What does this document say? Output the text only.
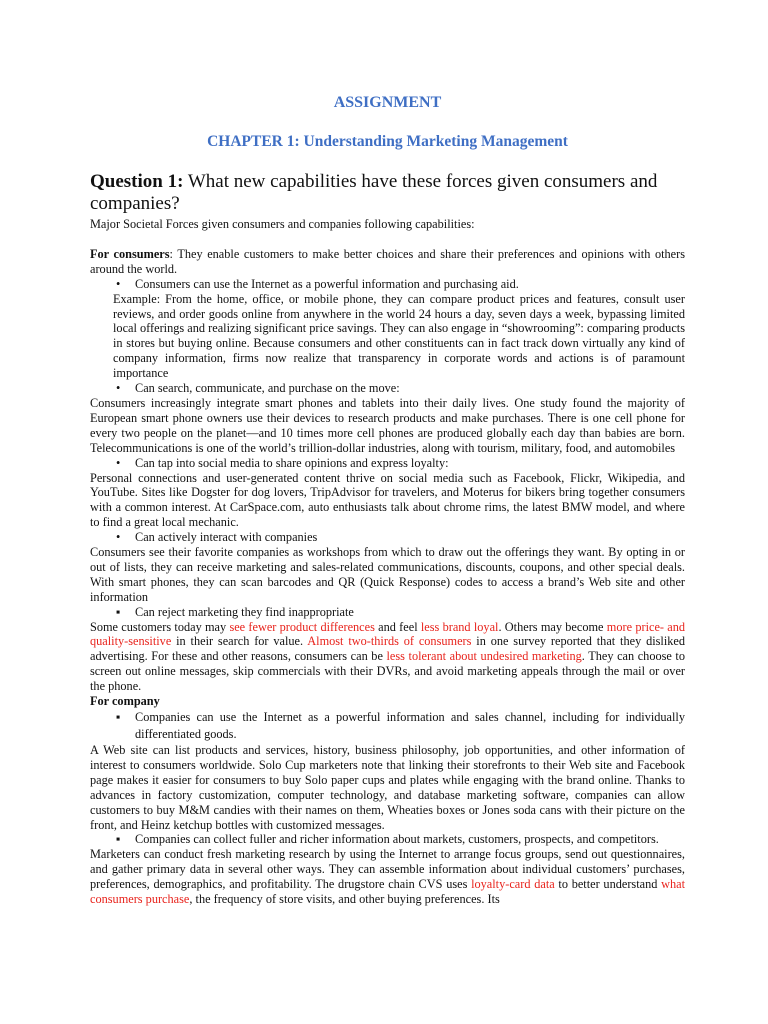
ASSIGNMENT
CHAPTER 1: Understanding Marketing Management
Question 1: What new capabilities have these forces given consumers and companies?

Major Societal Forces given consumers and companies following capabilities:

For consumers: They enable customers to make better choices and share their preferences and opinions with others around the world.

• Consumers can use the Internet as a powerful information and purchasing aid.

Example: From the home, office, or mobile phone, they can compare product prices and features, consult user reviews, and order goods online from anywhere in the world 24 hours a day, seven days a week, bypassing limited local offerings and realizing significant price savings. They can also engage in “showrooming”: comparing products in stores but buying online. Because consumers and other constituents can in fact track down virtually any kind of company information, firms now realize that transparency in corporate words and actions is of paramount importance

• Can search, communicate, and purchase on the move:

Consumers increasingly integrate smart phones and tablets into their daily lives. One study found the majority of European smart phone owners use their devices to research products and make purchases. There is one cell phone for every two people on the planet—and 10 times more cell phones are produced globally each day than babies are born. Telecommunications is one of the world’s trillion-dollar industries, along with tourism, military, food, and automobiles

• Can tap into social media to share opinions and express loyalty:

Personal connections and user-generated content thrive on social media such as Facebook, Flickr, Wikipedia, and YouTube. Sites like Dogster for dog lovers, TripAdvisor for travelers, and Moterus for bikers bring together consumers with a common interest. At CarSpace.com, auto enthusiasts talk about chrome rims, the latest BMW model, and where to find a great local mechanic.

• Can actively interact with companies

Consumers see their favorite companies as workshops from which to draw out the offerings they want. By opting in or out of lists, they can receive marketing and sales-related communications, discounts, coupons, and other special deals. With smart phones, they can scan barcodes and QR (Quick Response) codes to access a brand’s Web site and other information

▪ Can reject marketing they find inappropriate

Some customers today may see fewer product differences and feel less brand loyal. Others may become more price- and quality-sensitive in their search for value. Almost two-thirds of consumers in one survey reported that they disliked advertising. For these and other reasons, consumers can be less tolerant about undesired marketing. They can choose to screen out online messages, skip commercials with their DVRs, and avoid marketing appeals through the mail or over the phone.

For company

▪ Companies can use the Internet as a powerful information and sales channel, including for individually differentiated goods.

A Web site can list products and services, history, business philosophy, job opportunities, and other information of interest to consumers worldwide. Solo Cup marketers note that linking their storefronts to their Web site and Facebook page makes it easier for consumers to buy Solo paper cups and plates while engaging with the brand online. Thanks to advances in factory customization, computer technology, and database marketing software, companies can allow customers to buy M&M candies with their names on them, Wheaties boxes or Jones soda cans with their picture on the front, and Heinz ketchup bottles with customized messages.

▪ Companies can collect fuller and richer information about markets, customers, prospects, and competitors.

Marketers can conduct fresh marketing research by using the Internet to arrange focus groups, send out questionnaires, and gather primary data in several other ways. They can assemble information about individual customers’ purchases, preferences, demographics, and profitability. The drugstore chain CVS uses loyalty-card data to better understand what consumers purchase, the frequency of store visits, and other buying preferences. Its
